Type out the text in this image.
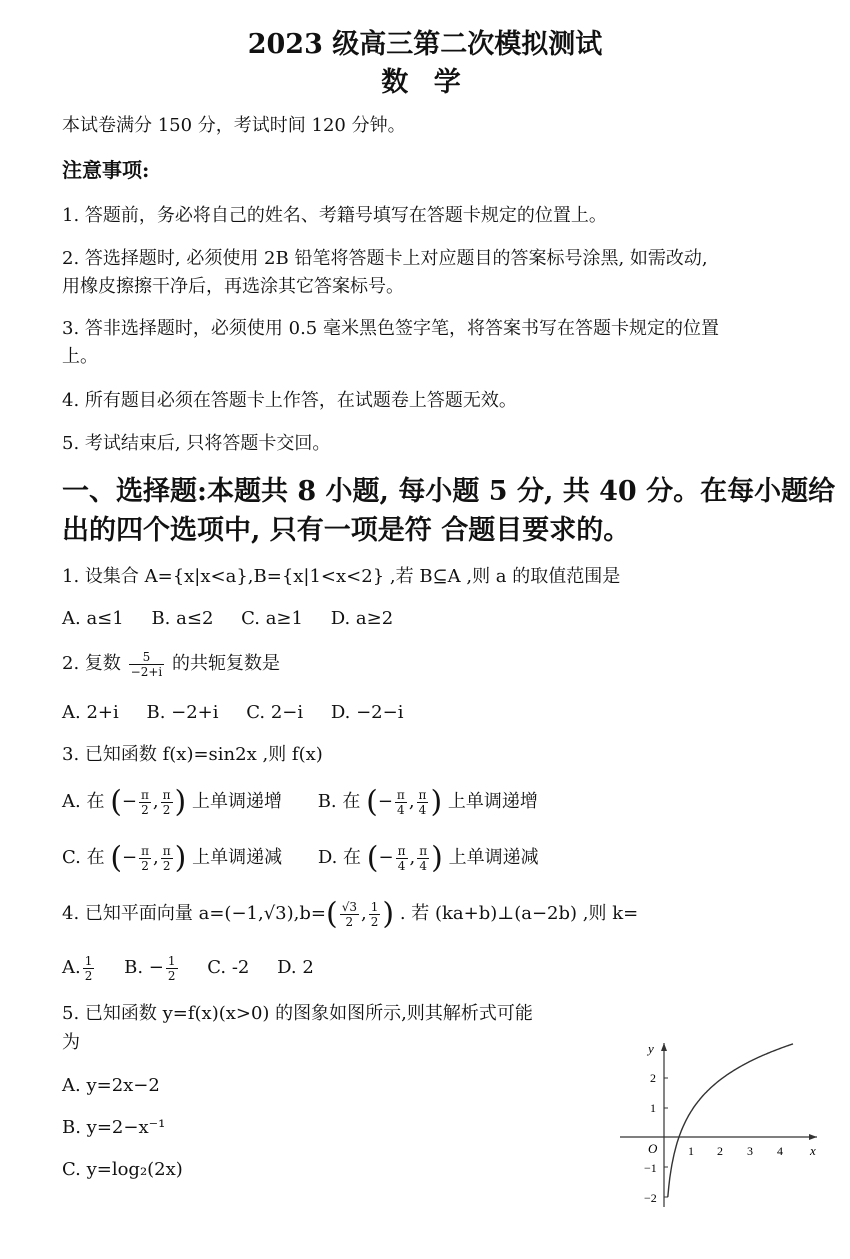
2023 级高三第二次模拟测试
数 学
本试卷满分 150 分，考试时间 120 分钟。
注意事项:
1. 答题前，务必将自己的姓名、考籍号填写在答题卡规定的位置上。
2. 答选择题时, 必须使用 2B 铅笔将答题卡上对应题目的答案标号涂黑, 如需改动,
用橡皮擦擦干净后，再选涂其它答案标号。
3. 答非选择题时，必须使用 0.5 毫米黑色签字笔，将答案书写在答题卡规定的位置
上。
4. 所有题目必须在答题卡上作答，在试题卷上答题无效。
5. 考试结束后, 只将答题卡交回。
一、选择题:本题共 8 小题, 每小题 5 分, 共 40 分。在每小题给
出的四个选项中, 只有一项是符 合题目要求的。
1. 设集合 A={x|x<a},B={x|1<x<2} ,若 B⊆A ,则 a 的取值范围是
A. a≤1 B. a≤2 C. a≥1 D. a≥2
2. 复数 $\frac{5}{-2+i}$ 的共轭复数是
A. 2+i B. −2+i C. 2−i D. −2−i
3. 已知函数 f(x)=sin2x ,则 f(x)
A. 在 (− $\frac{\pi}{2}$ , $\frac{\pi}{2}$ ) 上单调递增 B. 在 (− $\frac{\pi}{4}$ , $\frac{\pi}{4}$ ) 上单调递增
C. 在 (− $\frac{\pi}{2}$ , $\frac{\pi}{2}$ ) 上单调递减 D. 在 (− $\frac{\pi}{4}$ , $\frac{\pi}{4}$ ) 上单调递减
4. 已知平面向量 $a=(-1,√3),b=( \frac{√3}{2}$ , $\frac{1}{2}$ ) . 若 (ka+b)⊥(a−2b) ,则 k=
A. $\frac{1}{2} B$. − $\frac{1}{2} C$. -2 D. 2
5. 已知函数 y=f(x)(x>0) 的图象如图所示,则其解析式可能
为
A. y=2x−2
B. y=2−x⁻¹
C. y=log₂(2x)
y
x
O	1 2 3 4
2
1
−1
−2
